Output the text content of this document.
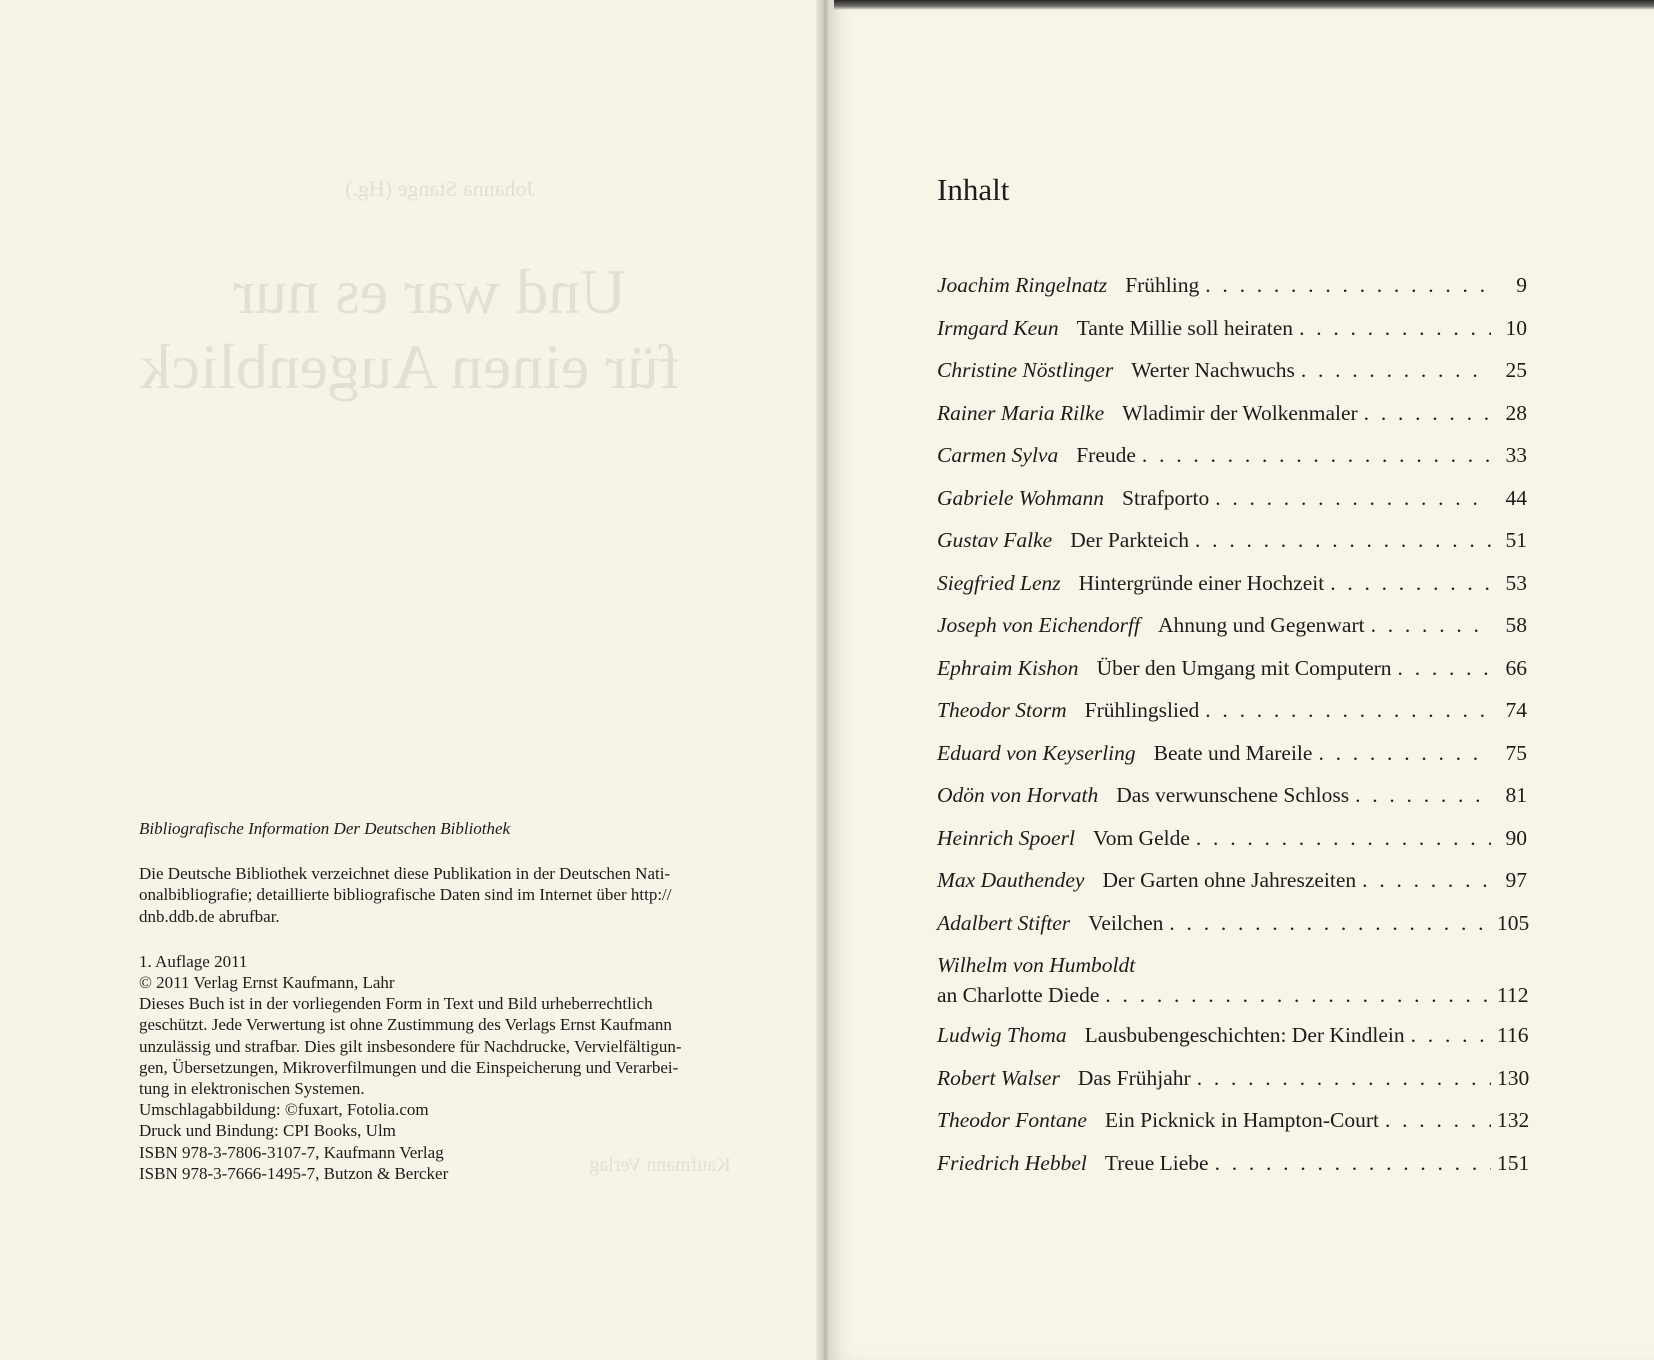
Johanna Stange (Hg.)
Und war es nur
für einen Augenblick
Kaufmann Verlag

Bibliografische Information Der Deutschen Bibliothek

Die Deutsche Bibliothek verzeichnet diese Publikation in der Deutschen Nati-
onalbibliografie; detaillierte bibliografische Daten sind im Internet über http://
dnb.ddb.de abrufbar.
1. Auflage 2011
© 2011 Verlag Ernst Kaufmann, Lahr
Dieses Buch ist in der vorliegenden Form in Text und Bild urheberrechtlich
geschützt. Jede Verwertung ist ohne Zustimmung des Verlags Ernst Kaufmann
unzulässig und strafbar. Dies gilt insbesondere für Nachdrucke, Vervielfältigun-
gen, Übersetzungen, Mikroverfilmungen und die Einspeicherung und Verarbei-
tung in elektronischen Systemen.
Umschlagabbildung: ©fuxart, Fotolia.com
Druck und Bindung: CPI Books, Ulm
ISBN 978-3-7806-3107-7, Kaufmann Verlag
ISBN 978-3-7666-1495-7, Butzon & Bercker
Inhalt
Joachim Ringelnatz Frühling . . .	9
Irmgard Keun Tante Millie soll heiraten . . .	10
Christine Nöstlinger Werter Nachwuchs . . .	25
Rainer Maria Rilke Wladimir der Wolkenmaler . . .	28
Carmen Sylva Freude . . .	33
Gabriele Wohmann Strafporto . . .	44
Gustav Falke Der Parkteich . . .	51
Siegfried Lenz Hintergründe einer Hochzeit . . .	53
Joseph von Eichendorff Ahnung und Gegenwart . . .	58
Ephraim Kishon Über den Umgang mit Computern . . .	66
Theodor Storm Frühlingslied . . .	74
Eduard von Keyserling Beate und Mareile . . .	75
Odön von Horvath Das verwunschene Schloss . . .	81
Heinrich Spoerl Vom Gelde . . .	90
Max Dauthendey Der Garten ohne Jahreszeiten . . .	97
Adalbert Stifter Veilchen . . .	105
Wilhelm von Humboldt
an Charlotte Diede . . .	112
Ludwig Thoma Lausbubengeschichten: Der Kindlein . . .	116
Robert Walser Das Frühjahr . . .	130
Theodor Fontane Ein Picknick in Hampton-Court . . .	132
Friedrich Hebbel Treue Liebe . . .	151
